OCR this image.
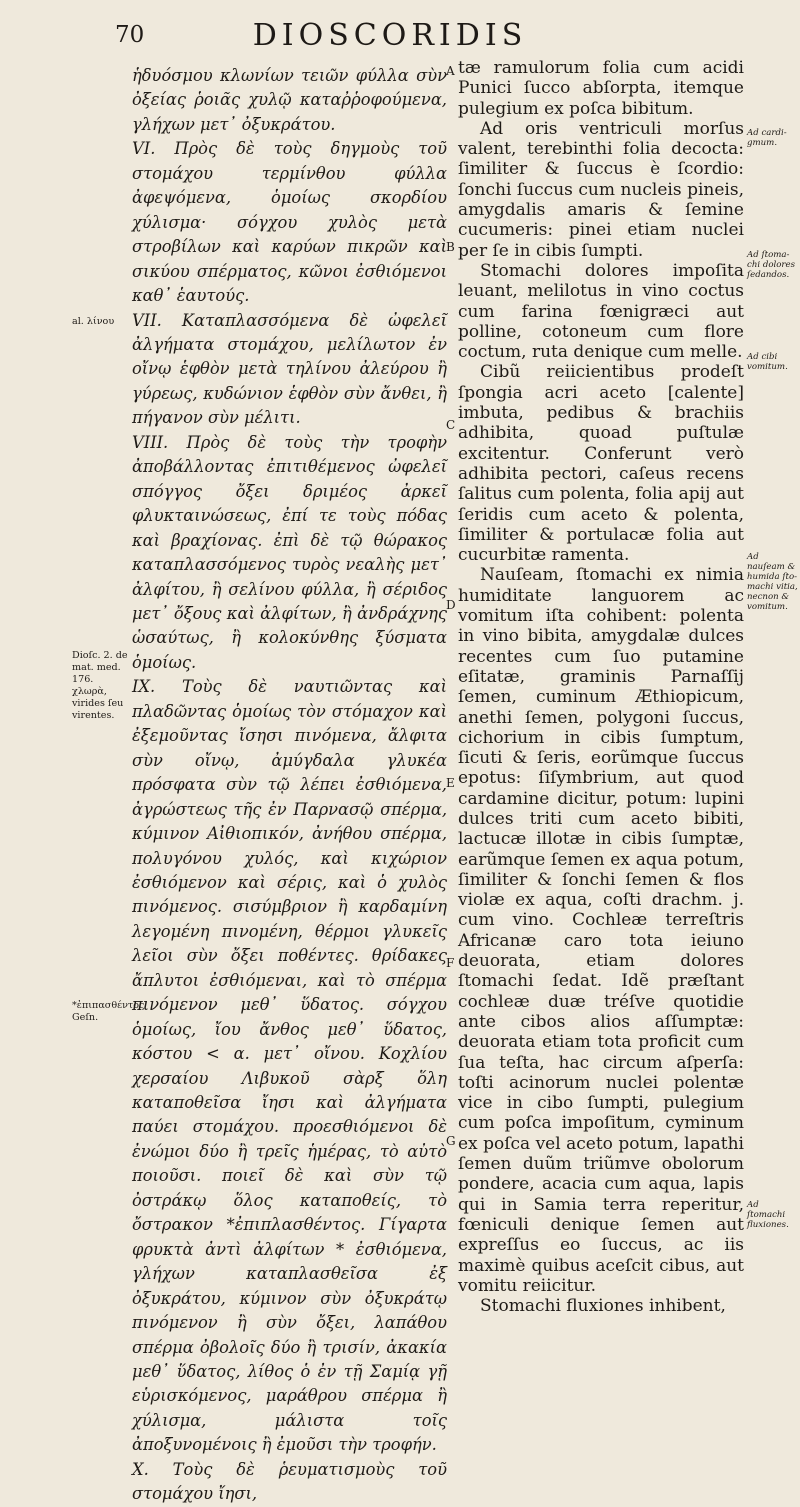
70	DIOSCORIDIS

ἡδυόσμου κλωνίων τειῶν φύλλα σὺν ὀξείας ῥοιᾶς χυλῷ καταῤῥοφούμενα, γλήχων μετ᾽ ὀξυκράτου.

VI. Πρὸς δὲ τοὺς δηγμοὺς τοῦ στομάχου τερμίνθου φύλλα ἀφεψόμενα, ὁμοίως σκορδίου χύλισμα· σόγχου χυλὸς μετὰ στροβίλων καὶ καρύων πικρῶν καὶ σικύου σπέρματος, κῶνοι ἐσθιόμενοι καθ᾽ ἑαυτούς.

VII. Καταπλασσόμενα δὲ ὠφελεῖ ἀλγήματα στομάχου, μελίλωτον ἐν οἴνῳ ἑφθὸν μετὰ τηλίνου ἀλεύρου ἢ γύρεως, κυδώνιον ἑφθὸν σὺν ἄνθει, ἢ πήγανον σὺν μέλιτι.

VIII. Πρὸς δὲ τοὺς τὴν τροφὴν ἀποβάλλοντας ἐπιτιθέμενος ὠφελεῖ σπόγγος ὄξει δριμέος ἀρκεῖ φλυκταινώσεως, ἐπί τε τοὺς πόδας καὶ βραχίονας. ἐπὶ δὲ τῷ θώρακος καταπλασσόμενος τυρὸς νεαλὴς μετ᾽ ἀλφίτου, ἢ σελίνου φύλλα, ἢ σέριδος μετ᾽ ὄξους καὶ ἀλφίτων, ἢ ἀνδράχνης ὡσαύτως, ἢ κολοκύνθης ξύσματα ὁμοίως.

IX. Τοὺς δὲ ναυτιῶντας καὶ πλαδῶντας ὁμοίως τὸν στόμαχον καὶ ἐξεμοῦντας ἴσησι πινόμενα, ἄλφιτα σὺν οἴνῳ, ἀμύγδαλα γλυκέα πρόσφατα σὺν τῷ λέπει ἐσθιόμενα, ἀγρώστεως τῆς ἐν Παρνασῷ σπέρμα, κύμινον Αἰθιοπικόν, ἀνήθου σπέρμα, πολυγόνου χυλός, καὶ κιχώριον ἐσθιόμενον καὶ σέρις, καὶ ὁ χυλὸς πινόμενος. σισύμβριον ἢ καρδαμίνη λεγομένη πινομένη, θέρμοι γλυκεῖς λεῖοι σὺν ὄξει ποθέντες. θρίδακες ἄπλυτοι ἐσθιόμεναι, καὶ τὸ σπέρμα πινόμενον μεθ᾽ ὕδατος. σόγχου ὁμοίως, ἴου ἄνθος μεθ᾽ ὕδατος, κόστου < α. μετ᾽ οἴνου. Κοχλίου χερσαίου Λιβυκοῦ σὰρξ ὅλη καταποθεῖσα ἴησι καὶ ἀλγήματα παύει στομάχου. προεσθιόμενοι δὲ ἐνώμοι δύο ἢ τρεῖς ἡμέρας, τὸ αὐτὸ ποιοῦσι. ποιεῖ δὲ καὶ σὺν τῷ ὀστράκῳ ὅλος καταποθείς, τὸ ὄστρακον *ἐπιπλασθέντος. Γίγαρτα φρυκτὰ ἀντὶ ἀλφίτων * ἐσθιόμενα, γλήχων καταπλασθεῖσα ἐξ ὀξυκράτου, κύμινον σὺν ὀξυκράτῳ πινόμενον ἢ σὺν ὄξει, λαπάθου σπέρμα ὀβολοῖς δύο ἢ τρισίν, ἀκακία μεθ᾽ ὕδατος, λίθος ὁ ἐν τῇ Σαμίᾳ γῇ εὑρισκόμενος, μαράθρου σπέρμα ἢ χύλισμα, μάλιστα τοῖς ἀποξυνομένοις ἢ ἐμοῦσι τὴν τροφήν.

X. Τοὺς δὲ ῥευματισμοὺς τοῦ στομάχου ἴησι,

tæ ramulorum folia cum acidi Punici ſucco abſorpta, itemque pulegium ex poſca bibitum.

Ad oris ventriculi morſus valent, terebinthi folia decocta: ſimiliter & ſuccus è ſcordio: ſonchi ſuccus cum nucleis pineis, amygdalis amaris & ſemine cucumeris: pinei etiam nuclei per ſe in cibis ſumpti.

Stomachi dolores impoſita leuant, melilotus in vino coctus cum farina fœnigræci aut polline, cotoneum cum flore coctum, ruta denique cum melle.

Cibũ reiicientibus prodeſt ſpongia acri aceto [calente] imbuta, pedibus & brachiis adhibita, quoad puſtulæ excitentur. Conferunt verò adhibita pectori, caſeus recens ſalitus cum polenta, folia apij aut ſeridis cum aceto & polenta, ſimiliter & portulacæ folia aut cucurbitæ ramenta.

Nauſeam, ſtomachi ex nimia humiditate languorem ac vomitum iſta cohibent: polenta in vino bibita, amygdalæ dulces recentes cum ſuo putamine eſitatæ, graminis Parnaſſij ſemen, cuminum Æthiopicum, anethi ſemen, polygoni ſuccus, cichorium in cibis ſumptum, ſicuti & ſeris, eorũmque ſuccus epotus: ſiſymbrium, aut quod cardamine dicitur, potum: lupini dulces triti cum aceto bibiti, lactucæ illotæ in cibis ſumptæ, earũmque ſemen ex aqua potum, ſimiliter & ſonchi ſemen & flos violæ ex aqua, coſti drachm. j. cum vino. Cochleæ terreſtris Africanæ caro tota ieiuno deuorata, etiam dolores ſtomachi ſedat. Idẽ præſtant cochleæ duæ tréſve quotidie ante cibos alios aſſumptæ: deuorata etiam tota proficit cum ſua teſta, hac circum aſperſa: toſti acinorum nuclei polentæ vice in cibo ſumpti, pulegium cum poſca impoſitum, cyminum ex poſca vel aceto potum, lapathi ſemen duũm triũmve obolorum pondere, acacia cum aqua, lapis qui in Samia terra reperitur, fœniculi denique ſemen aut expreſſus eo ſuccus, ac iis maximè quibus aceſcit cibus, aut vomitu reiicitur.

Stomachi fluxiones inhibent,

A
B
C
D
E
F
G
al. λίνου
Dioſc. 2. de mat. med. 176. χλωρὰ, virides ſeu virentes.
*ἐπιπασθέντος Geſn.
Ad cardigmum.
Ad ſtomachi dolores ſedandos.
Ad cibi vomitum.
Ad nauſeam & humida ſtomachi vitia, necnon & vomitum.
Ad ſtomachi fluxiones.
